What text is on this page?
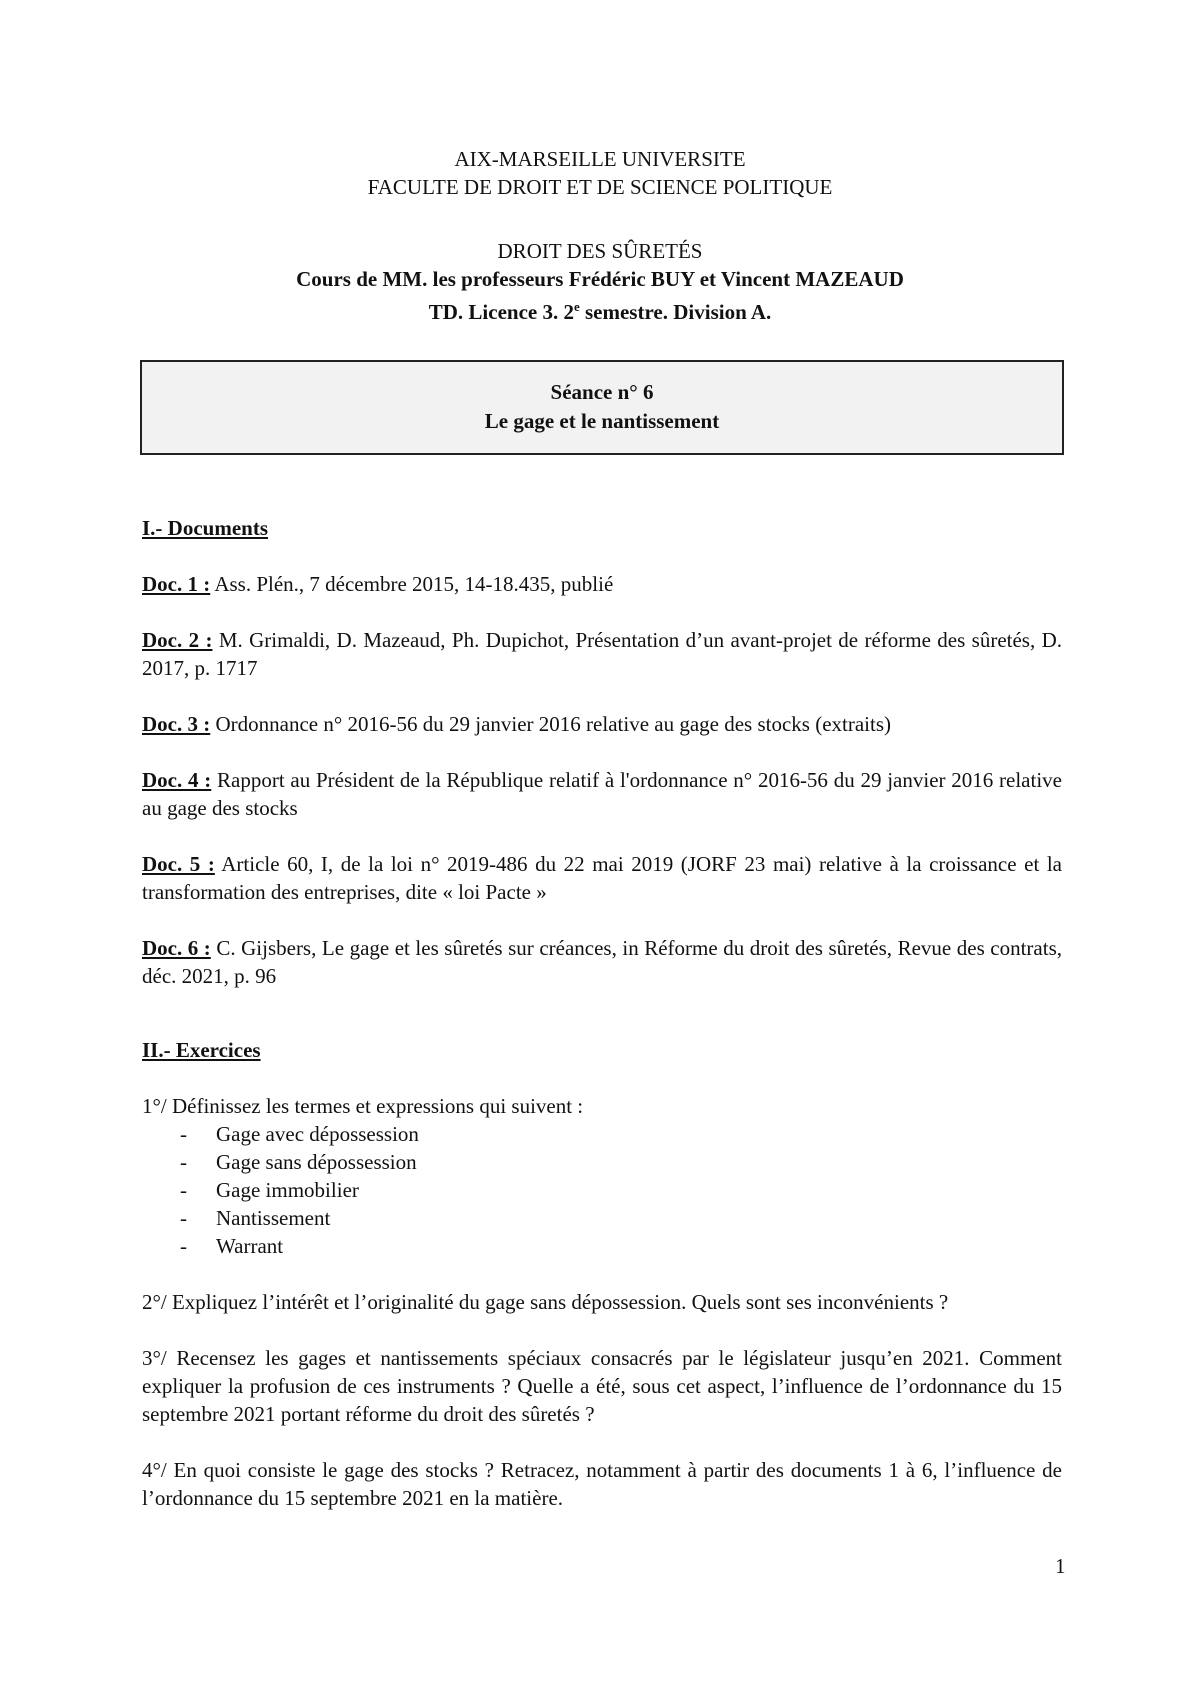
AIX-MARSEILLE UNIVERSITE
FACULTE DE DROIT ET DE SCIENCE POLITIQUE
DROIT DES SÛRETÉS
Cours de MM. les professeurs Frédéric BUY et Vincent MAZEAUD
TD. Licence 3. 2e semestre. Division A.
Séance n° 6
Le gage et le nantissement
I.- Documents

Doc. 1 : Ass. Plén., 7 décembre 2015, 14-18.435, publié

Doc. 2 : M. Grimaldi, D. Mazeaud, Ph. Dupichot, Présentation d’un avant-projet de réforme des sûretés, D. 2017, p. 1717

Doc. 3 : Ordonnance n° 2016-56 du 29 janvier 2016 relative au gage des stocks (extraits)

Doc. 4 : Rapport au Président de la République relatif à l'ordonnance n° 2016-56 du 29 janvier 2016 relative au gage des stocks

Doc. 5 : Article 60, I, de la loi n° 2019-486 du 22 mai 2019 (JORF 23 mai) relative à la croissance et la transformation des entreprises, dite « loi Pacte »

Doc. 6 : C. Gijsbers, Le gage et les sûretés sur créances, in Réforme du droit des sûretés, Revue des contrats, déc. 2021, p. 96

II.- Exercices

1°/ Définissez les termes et expressions qui suivent :

- Gage avec dépossession
- Gage sans dépossession
- Gage immobilier
- Nantissement
- Warrant

2°/ Expliquez l’intérêt et l’originalité du gage sans dépossession. Quels sont ses inconvénients ?

3°/ Recensez les gages et nantissements spéciaux consacrés par le législateur jusqu’en 2021. Comment expliquer la profusion de ces instruments ? Quelle a été, sous cet aspect, l’influence de l’ordonnance du 15 septembre 2021 portant réforme du droit des sûretés ?

4°/ En quoi consiste le gage des stocks ? Retracez, notamment à partir des documents 1 à 6, l’influence de l’ordonnance du 15 septembre 2021 en la matière.

1
